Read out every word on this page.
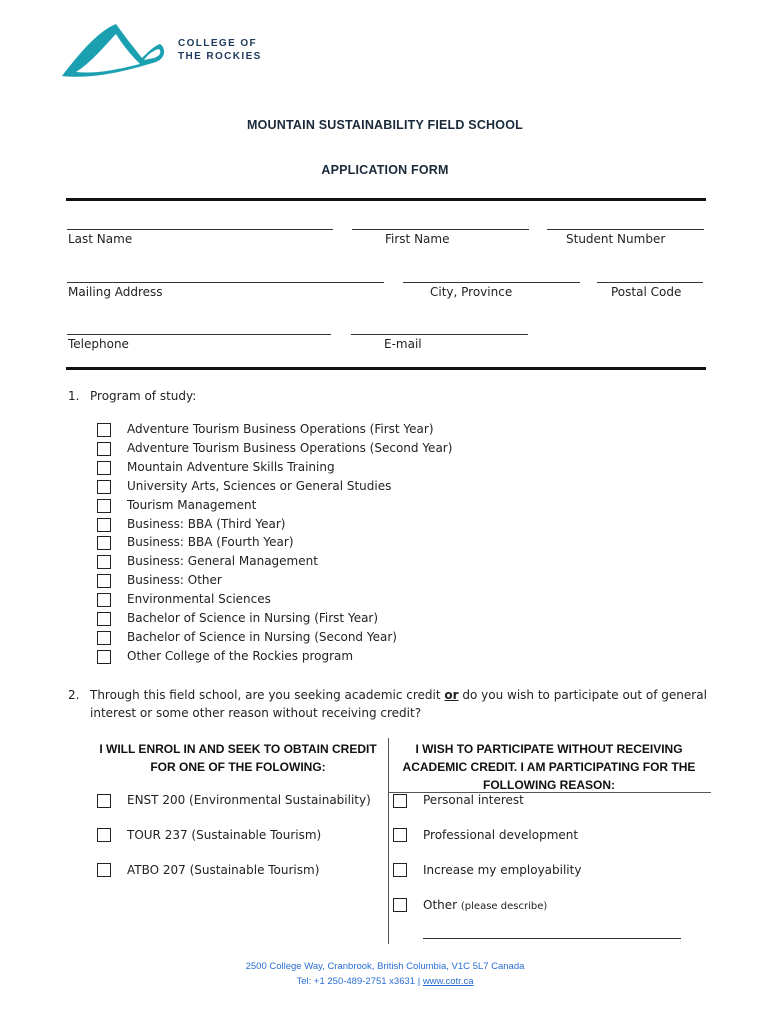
COLLEGE OF
THE ROCKIES
MOUNTAIN SUSTAINABILITY FIELD SCHOOL
APPLICATION FORM
Last Name	First Name	Student Number
Mailing Address	City, Province	Postal Code
Telephone	E-mail
1. Program of study:
Adventure Tourism Business Operations (First Year)
Adventure Tourism Business Operations (Second Year)
Mountain Adventure Skills Training
University Arts, Sciences or General Studies
Tourism Management
Business: BBA (Third Year)
Business: BBA (Fourth Year)
Business: General Management
Business: Other
Environmental Sciences
Bachelor of Science in Nursing (First Year)
Bachelor of Science in Nursing (Second Year)
Other College of the Rockies program
2. Through this field school, are you seeking academic credit or do you wish to participate out of general
interest or some other reason without receiving credit?
I WILL ENROL IN AND SEEK TO OBTAIN CREDIT
FOR ONE OF THE FOLOWING:
I WISH TO PARTICIPATE WITHOUT RECEIVING
ACADEMIC CREDIT. I AM PARTICIPATING FOR THE
FOLLOWING REASON:
ENST 200 (Environmental Sustainability)
TOUR 237 (Sustainable Tourism)
ATBO 207 (Sustainable Tourism)
Personal interest
Professional development
Increase my employability
Other (please describe)
2500 College Way, Cranbrook, British Columbia, V1C 5L7 Canada
Tel: +1 250-489-2751 x3631 | www.cotr.ca
